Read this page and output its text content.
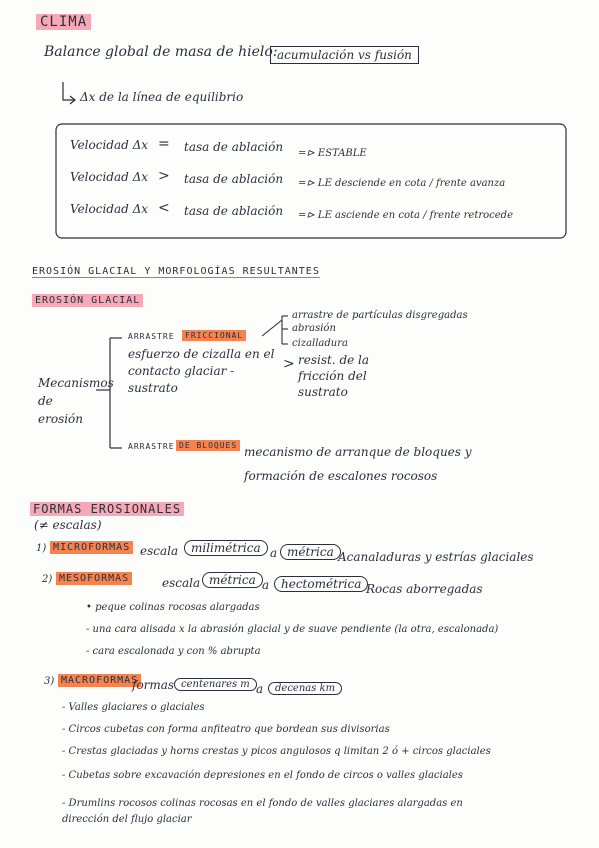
CLIMA
Balance global de masa de hielo: acumulación vs fusión
Δx de la línea de equilibrio
Velocidad Δx = tasa de ablación =⊳ ESTABLE
Velocidad Δx > tasa de ablación =⊳ LE desciende en cota / frente avanza
Velocidad Δx < tasa de ablación =⊳ LE asciende en cota / frente retrocede
EROSIÓN GLACIAL Y MORFOLOGÍAS RESULTANTES
EROSIÓN GLACIAL
Mecanismos de erosión
ARRASTRE	FRICCIONAL
arrastre de partículas disgregadas
abrasión
cizalladura
esfuerzo de cizalla en el contacto glaciar - sustrato
> resist. de la fricción del sustrato
ARRASTRE DE BLOQUES mecanismo de arranque de bloques y formación de escalones rocosos
FORMAS EROSIONALES
(≠ escalas)
1) MICROFORMAS escala	milimétrica a métrica Acanaladuras y estrías glaciales
2) MESOFORMAS	escala métrica a hectométrica Rocas aborregadas
• peque colinas rocosas alargadas
- una cara alisada x la abrasión glacial y de suave pendiente (la otra, escalonada)
- cara escalonada y con % abrupta
3) MACROFORMAS
formas centenares m a	decenas km
- Valles glaciares o glaciales
- Circos cubetas con forma anfiteatro que bordean sus divisorias
- Crestas glaciadas y horns crestas y picos angulosos q limitan 2 ó + circos glaciales
- Cubetas sobre excavación depresiones en el fondo de circos o valles glaciales
- Drumlins rocosos colinas rocosas en el fondo de valles glaciares alargadas en dirección del flujo glaciar
